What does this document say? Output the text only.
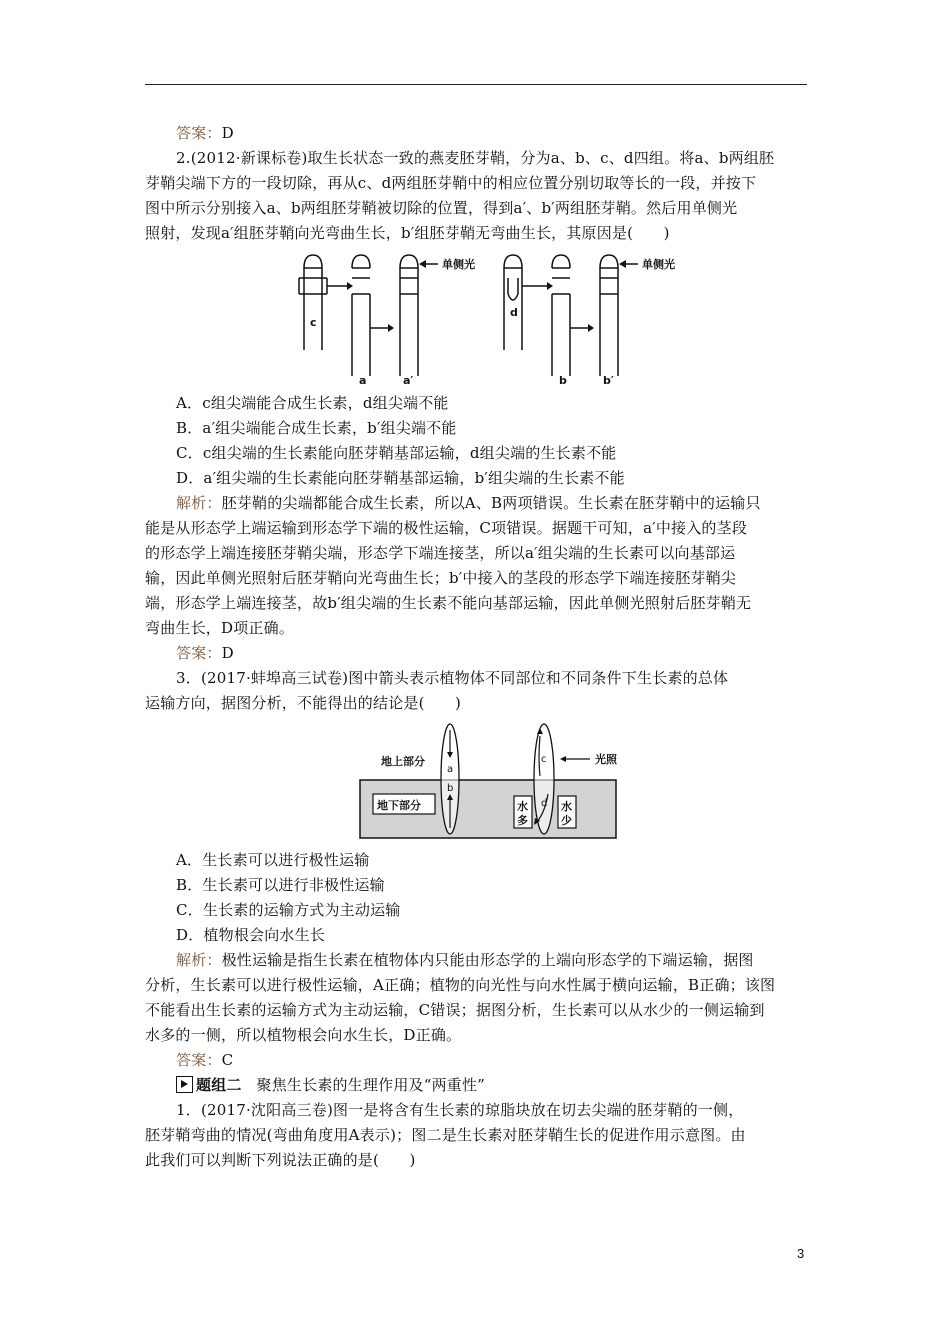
答案：D
2.(2012·新课标卷)取生长状态一致的燕麦胚芽鞘，分为a、b、c、d四组。将a、b两组胚
芽鞘尖端下方的一段切除，再从c、d两组胚芽鞘中的相应位置分别切取等长的一段，并按下
图中所示分别接入a、b两组胚芽鞘被切除的位置，得到a′、b′两组胚芽鞘。然后用单侧光
照射，发现a′组胚芽鞘向光弯曲生长，b′组胚芽鞘无弯曲生长，其原因是(　　)
单侧光	单侧光
c
a	a′
d
b	b′
A．c组尖端能合成生长素，d组尖端不能
B．a′组尖端能合成生长素，b′组尖端不能
C．c组尖端的生长素能向胚芽鞘基部运输，d组尖端的生长素不能
D．a′组尖端的生长素能向胚芽鞘基部运输，b′组尖端的生长素不能
解析：胚芽鞘的尖端都能合成生长素，所以A、B两项错误。生长素在胚芽鞘中的运输只
能是从形态学上端运输到形态学下端的极性运输，C项错误。据题干可知，a′中接入的茎段
的形态学上端连接胚芽鞘尖端，形态学下端连接茎，所以a′组尖端的生长素可以向基部运
输，因此单侧光照射后胚芽鞘向光弯曲生长；b′中接入的茎段的形态学下端连接胚芽鞘尖
端，形态学上端连接茎，故b′组尖端的生长素不能向基部运输，因此单侧光照射后胚芽鞘无
弯曲生长，D项正确。
答案：D
3．(2017·蚌埠高三试卷)图中箭头表示植物体不同部位和不同条件下生长素的总体
运输方向，据图分析，不能得出的结论是(　　)
地上部分
地下部分
光照
a
b
c
d
水
多
水
少
A．生长素可以进行极性运输
B．生长素可以进行非极性运输
C．生长素的运输方式为主动运输
D．植物根会向水生长
解析：极性运输是指生长素在植物体内只能由形态学的上端向形态学的下端运输，据图
分析，生长素可以进行极性运输，A正确；植物的向光性与向水性属于横向运输，B正确；该图
不能看出生长素的运输方式为主动运输，C错误；据图分析，生长素可以从水少的一侧运输到
水多的一侧，所以植物根会向水生长，D正确。
答案：C
题组二 聚焦生长素的生理作用及“两重性”
1．(2017·沈阳高三卷)图一是将含有生长素的琼脂块放在切去尖端的胚芽鞘的一侧，
胚芽鞘弯曲的情况(弯曲角度用A表示)；图二是生长素对胚芽鞘生长的促进作用示意图。由
此我们可以判断下列说法正确的是(　　)
3
